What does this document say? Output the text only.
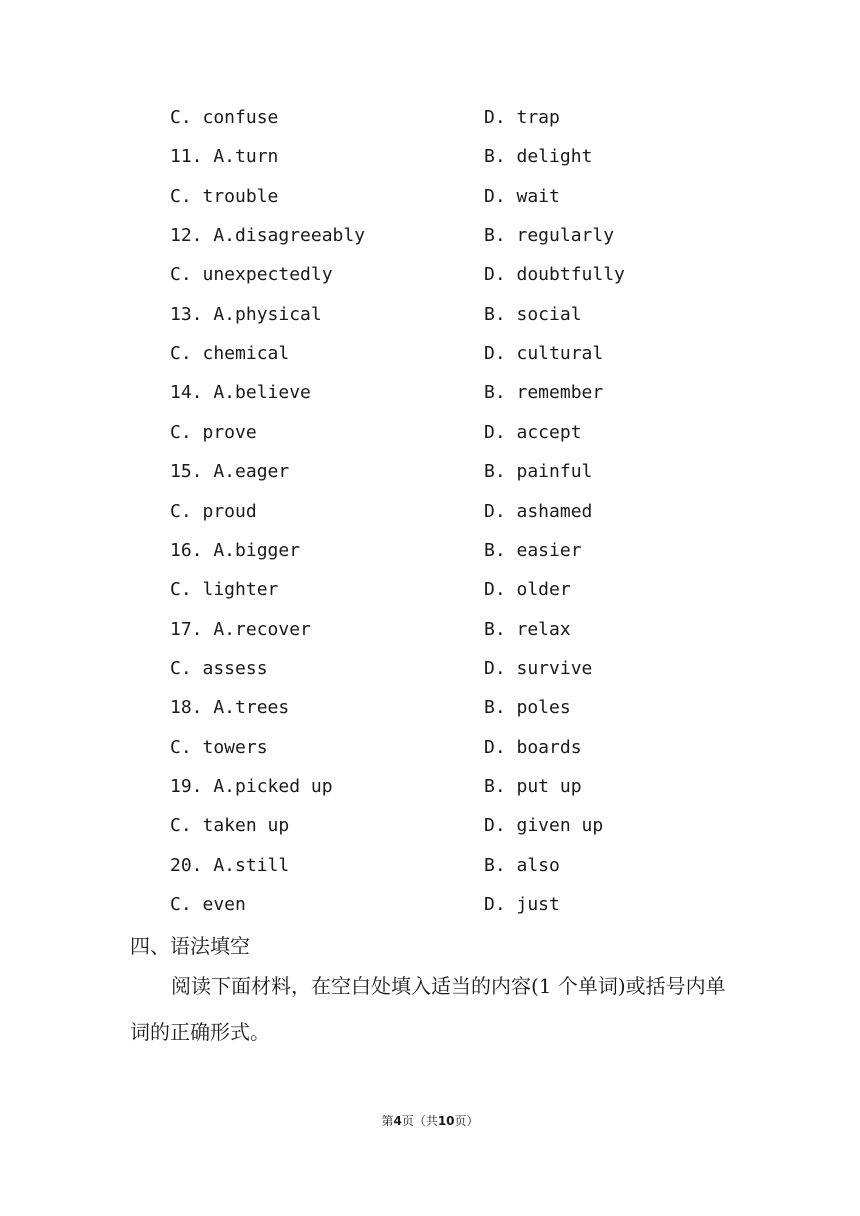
C. confuse	D. trap
11. A.turn	B. delight
C. trouble	D. wait
12. A.disagreeably	B. regularly
C. unexpectedly	D. doubtfully
13. A.physical	B. social
C. chemical	D. cultural
14. A.believe	B. remember
C. prove	D. accept
15. A.eager	B. painful
C. proud	D. ashamed
16. A.bigger	B. easier
C. lighter	D. older
17. A.recover	B. relax
C. assess	D. survive
18. A.trees	B. poles
C. towers	D. boards
19. A.picked up	B. put up
C. taken up	D. given up
20. A.still	B. also
C. even	D. just
四、语法填空
阅读下面材料，在空白处填入适当的内容(1 个单词)或括号内单
词的正确形式。
第4页（共10页）
